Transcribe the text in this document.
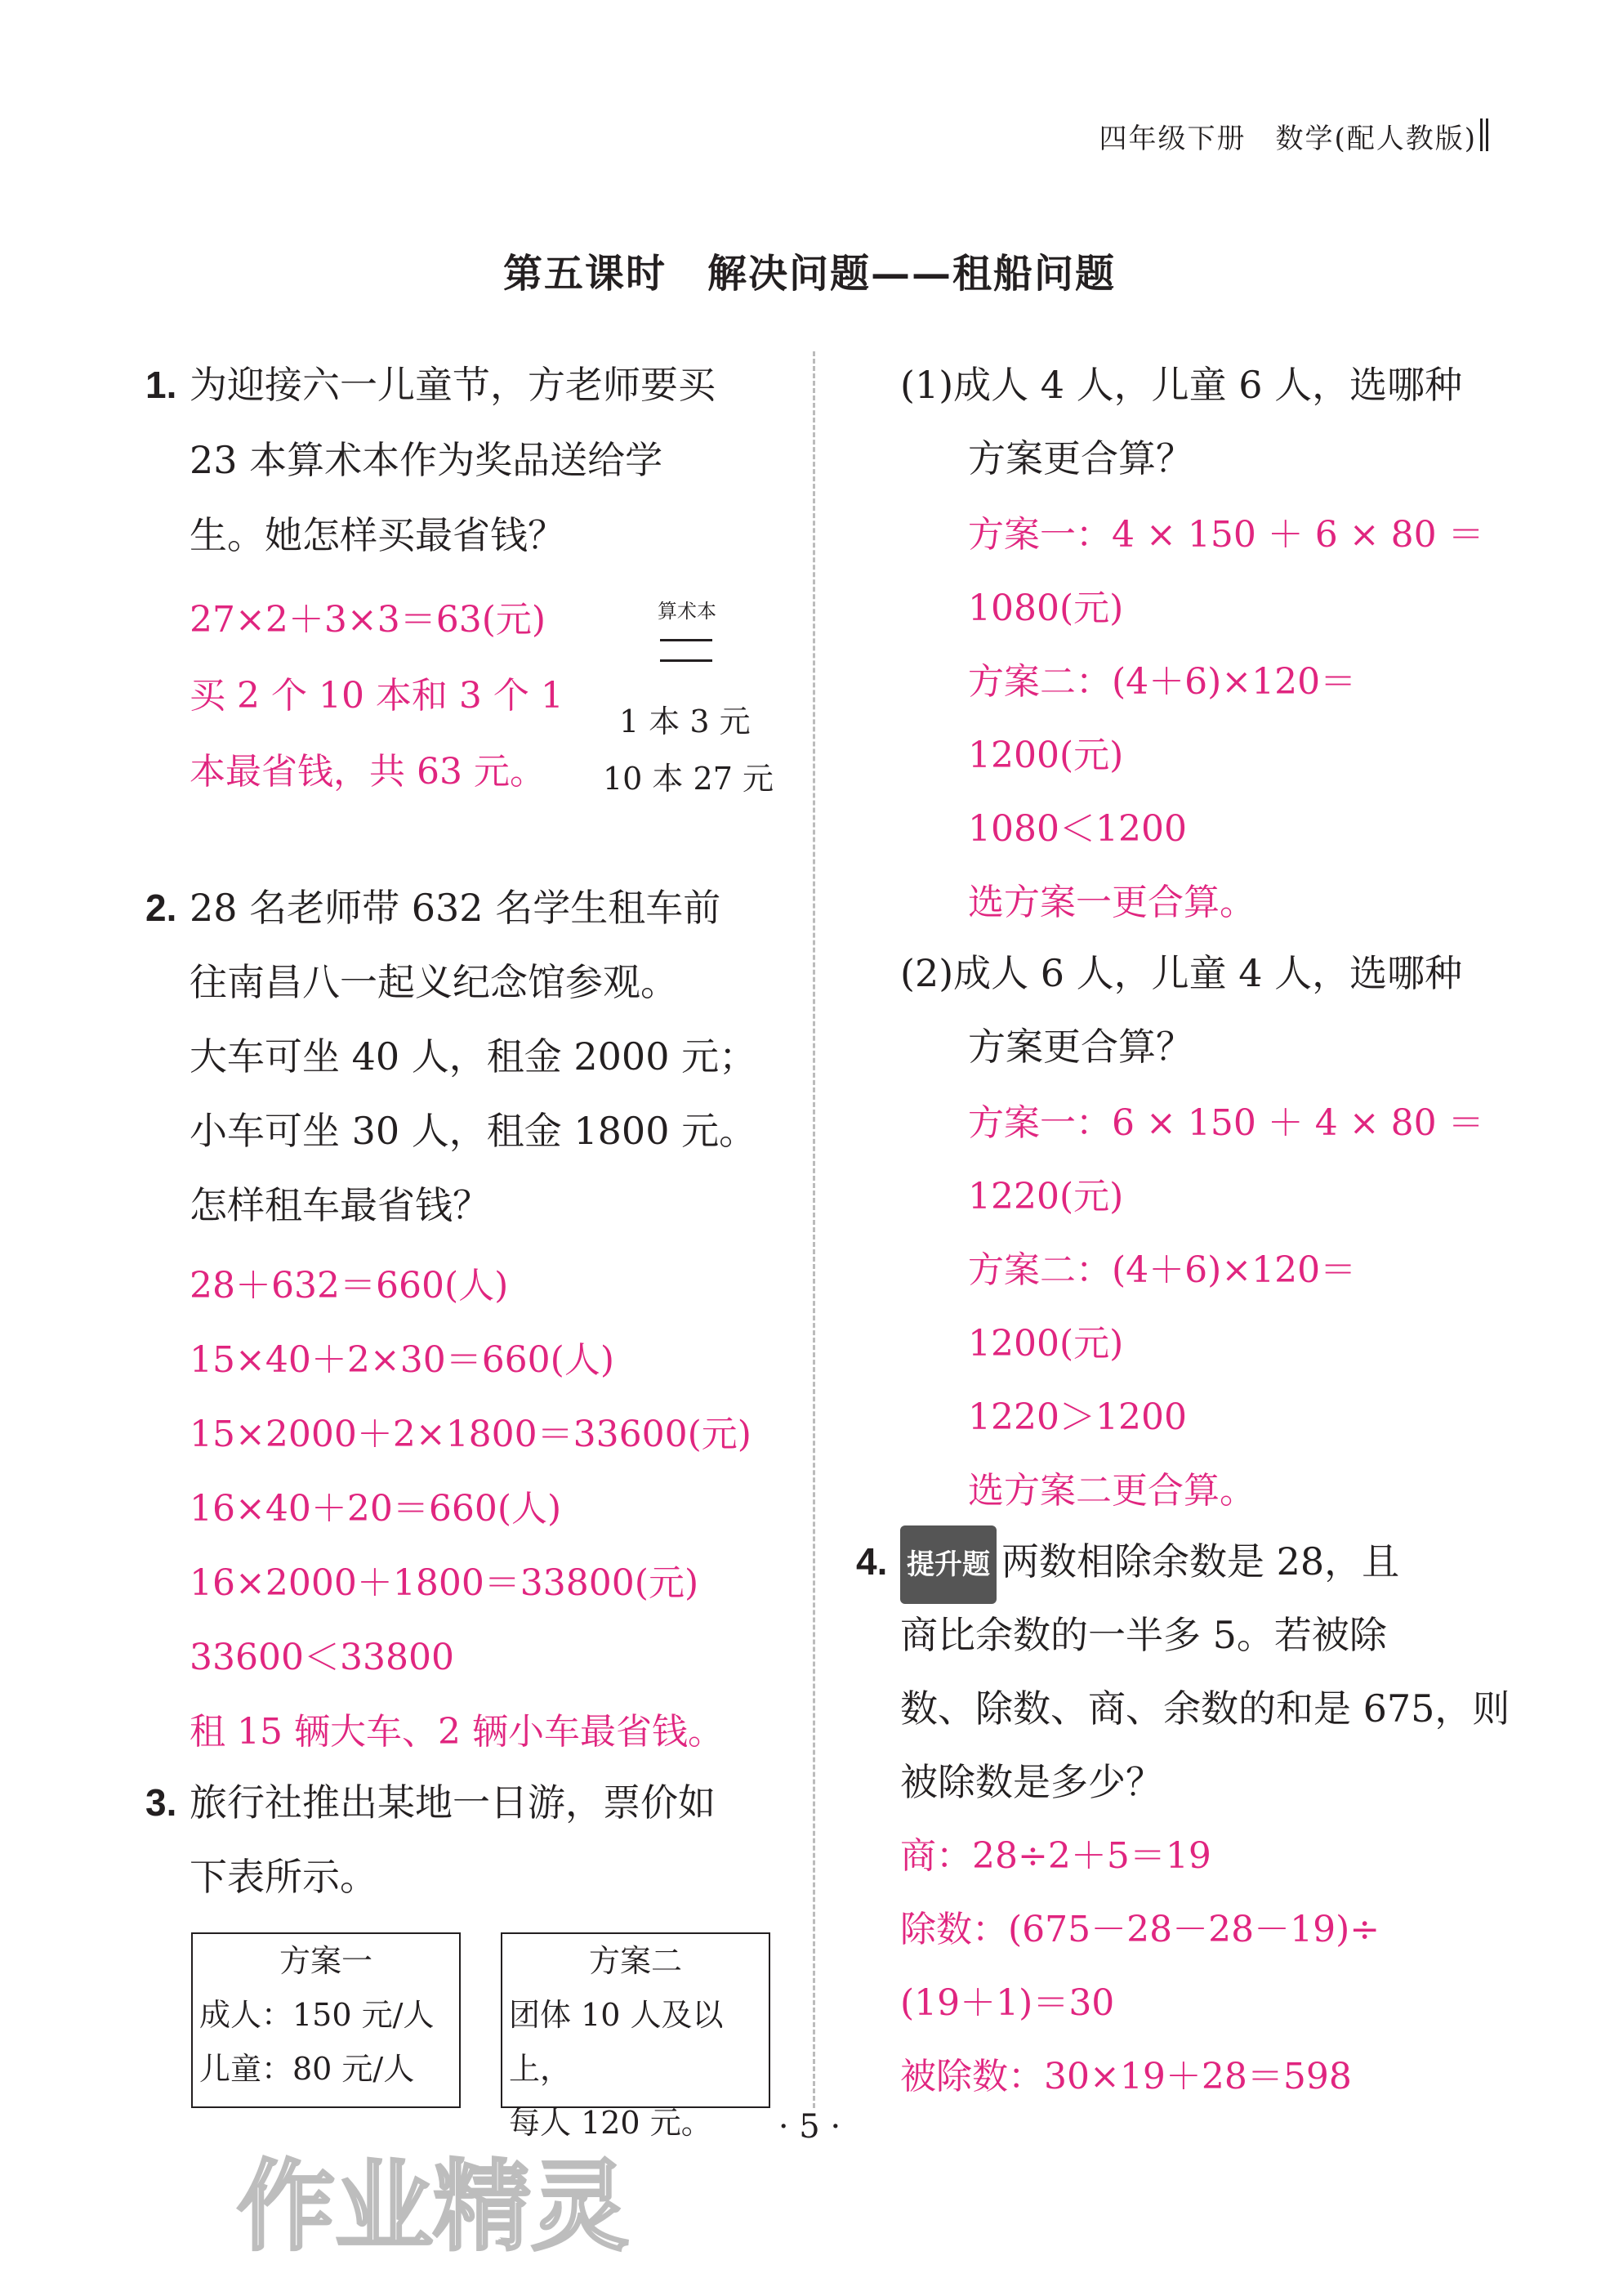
四年级下册　数学(配人教版)
第五课时　解决问题——租船问题
1. 为迎接六一儿童节，方老师要买
23 本算术本作为奖品送给学
生。她怎样买最省钱？
27×2＋3×3＝63(元)
买 2 个 10 本和 3 个 1
本最省钱，共 63 元。
算术本
1 本 3 元
10 本 27 元
2. 28 名老师带 632 名学生租车前
往南昌八一起义纪念馆参观。
大车可坐 40 人，租金 2000 元；
小车可坐 30 人，租金 1800 元。
怎样租车最省钱？
28＋632＝660(人)
15×40＋2×30＝660(人)
15×2000＋2×1800＝33600(元)
16×40＋20＝660(人)
16×2000＋1800＝33800(元)
33600＜33800
租 15 辆大车、2 辆小车最省钱。
3. 旅行社推出某地一日游，票价如
下表所示。
方案一
成人：150 元/人
儿童：80 元/人
方案二
团体 10 人及以上，
每人 120 元。
(1)成人 4 人，儿童 6 人，选哪种
方案更合算？
方案一：4 × 150 ＋ 6 × 80 ＝
1080(元)
方案二：(4＋6)×120＝
1200(元)
1080＜1200
选方案一更合算。
(2)成人 6 人，儿童 4 人，选哪种
方案更合算？
方案一：6 × 150 ＋ 4 × 80 ＝
1220(元)
方案二：(4＋6)×120＝
1200(元)
1220＞1200
选方案二更合算。
4. 提升题 两数相除余数是 28，且
商比余数的一半多 5。若被除
数、除数、商、余数的和是 675，则
被除数是多少？
商：28÷2＋5＝19
除数：(675－28－28－19)÷
(19＋1)＝30
被除数：30×19＋28＝598
· 5 ·
作业精灵
